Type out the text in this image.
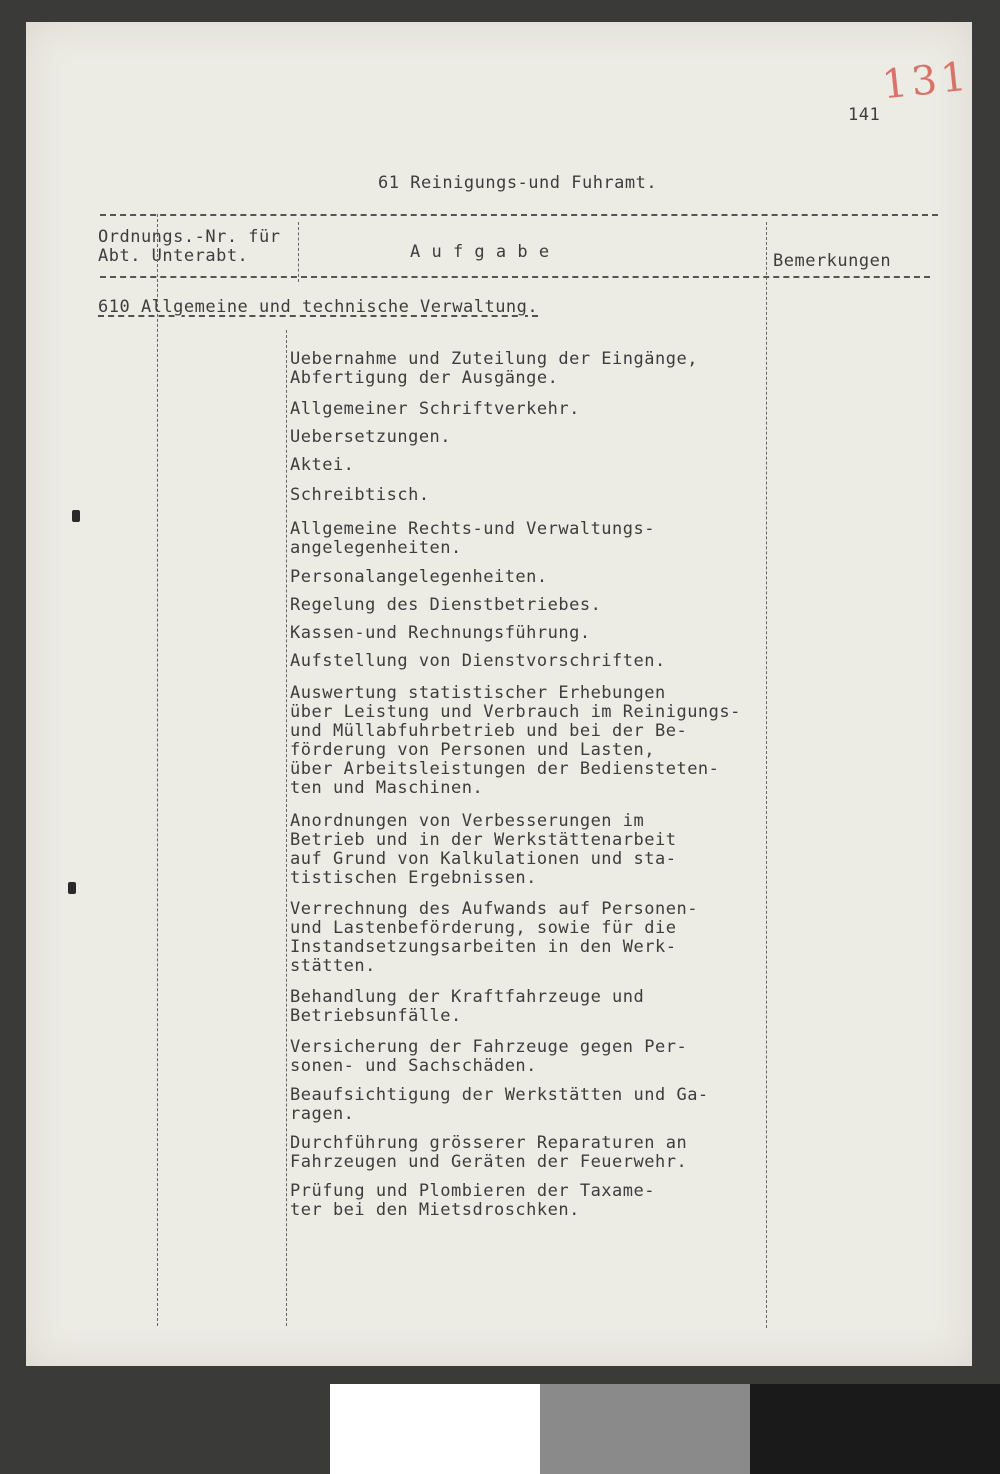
131
141
61 Reinigungs-und Fuhramt.
Ordnungs.-Nr. für
Abt. Unterabt.	A u f g a b e	Bemerkungen
610 Allgemeine und technische Verwaltung.
Uebernahme und Zuteilung der Eingänge,
Abfertigung der Ausgänge.
Allgemeiner Schriftverkehr.
Uebersetzungen.
Aktei.
Schreibtisch.
Allgemeine Rechts-und Verwaltungs-
angelegenheiten.
Personalangelegenheiten.
Regelung des Dienstbetriebes.
Kassen-und Rechnungsführung.
Aufstellung von Dienstvorschriften.
Auswertung statistischer Erhebungen
über Leistung und Verbrauch im Reinigungs-
und Müllabfuhrbetrieb und bei der Be-
förderung von Personen und Lasten,
über Arbeitsleistungen der Bediensteten-
ten und Maschinen.
Anordnungen von Verbesserungen im
Betrieb und in der Werkstättenarbeit
auf Grund von Kalkulationen und sta-
tistischen Ergebnissen.
Verrechnung des Aufwands auf Personen-
und Lastenbeförderung, sowie für die
Instandsetzungsarbeiten in den Werk-
stätten.
Behandlung der Kraftfahrzeuge und
Betriebsunfälle.
Versicherung der Fahrzeuge gegen Per-
sonen- und Sachschäden.
Beaufsichtigung der Werkstätten und Ga-
ragen.
Durchführung grösserer Reparaturen an
Fahrzeugen und Geräten der Feuerwehr.
Prüfung und Plombieren der Taxame-
ter bei den Mietsdroschken.
